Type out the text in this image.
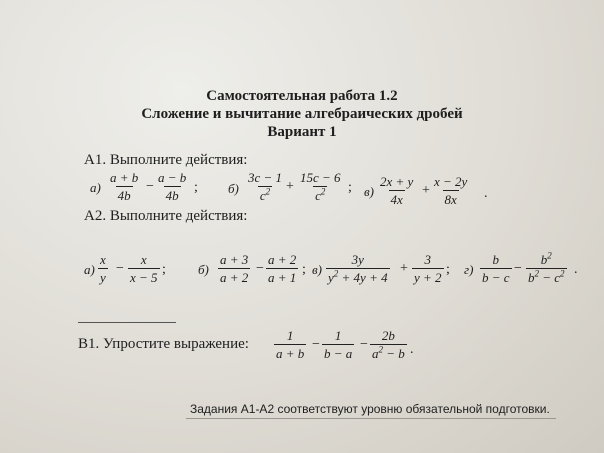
Самостоятельная работа 1.2
Сложение и вычитание алгебраических дробей
Вариант 1
А1. Выполните действия:
$а) \frac{a + b}{4b} - \frac{a - b}{4b}$ ; $б) \frac{3c - 1}{c^2} + \frac{15c - 6}{c^2}$ ; $в) \frac{2x + y}{4x} + \frac{x - 2y}{8x}$ .
А2. Выполните действия:
$а) \frac{x}{y} - \frac{x}{x - 5}$ ; $б) \frac{a + 3}{a + 2} - \frac{a + 2}{a + 1}$ ; $в) \frac{3y}{y^2 + 4y + 4} + \frac{3}{y + 2}$ ; $г) \frac{b}{b - c} - \frac{b^2}{b^2 - c^2}$ .
В1. Упростите выражение: $\frac{1}{a + b} - \frac{1}{b - a} - \frac{2b}{a^2 - b}$ .
Задания А1-А2 соответствуют уровню обязательной подготовки.
